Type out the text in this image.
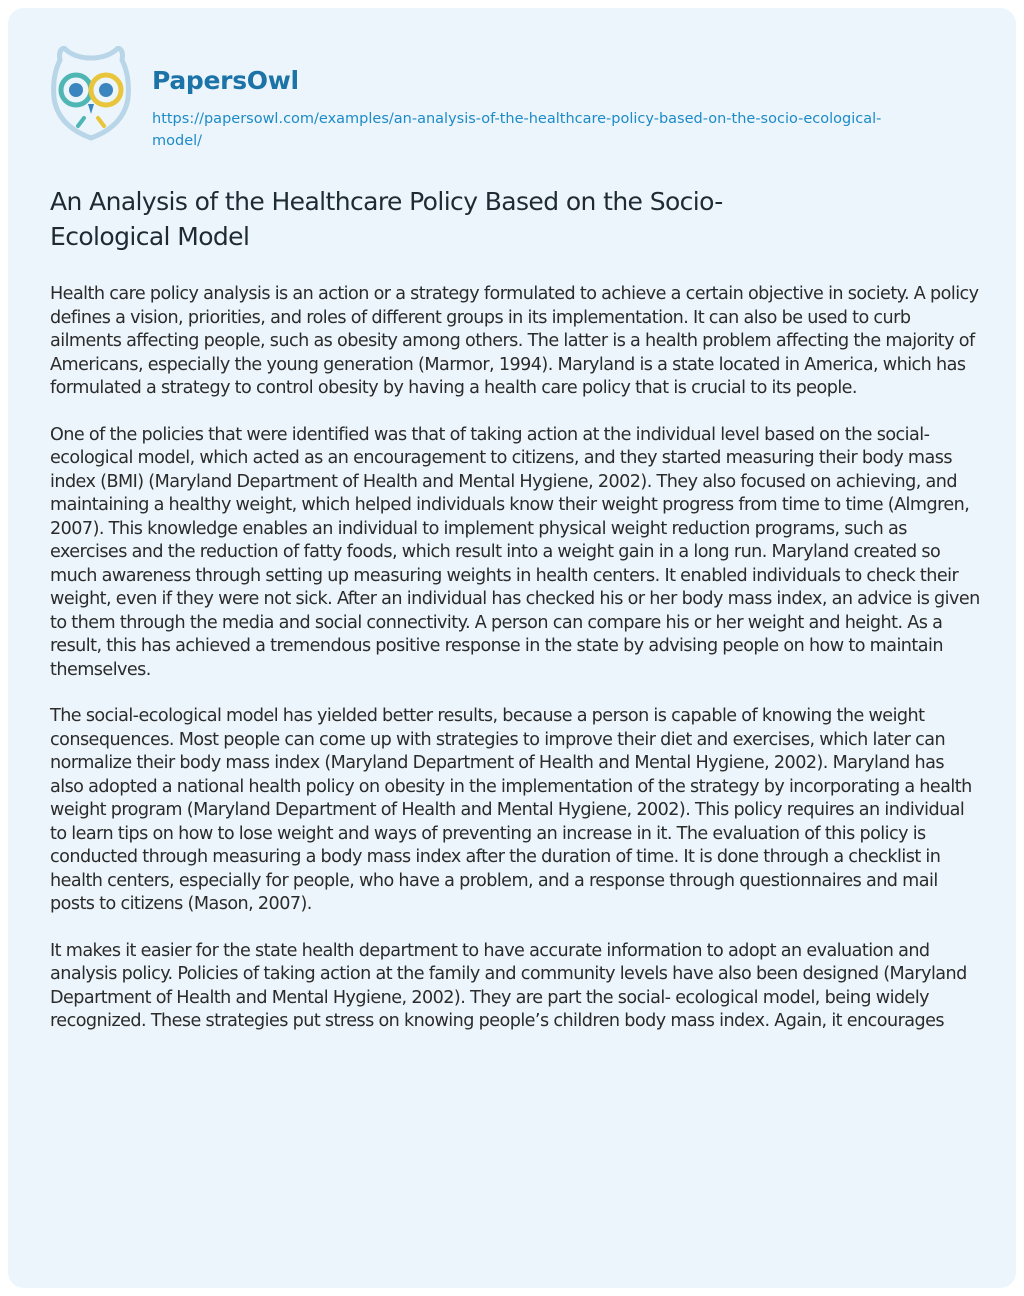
PapersOwl
https://papersowl.com/examples/an-analysis-of-the-healthcare-policy-based-on-the-socio-ecological-model/
An Analysis of the Healthcare Policy Based on the Socio-Ecological Model

Health care policy analysis is an action or a strategy formulated to achieve a certain objective in society. A policy defines a vision, priorities, and roles of different groups in its implementation. It can also be used to curb ailments affecting people, such as obesity among others. The latter is a health problem affecting the majority of Americans, especially the young generation (Marmor, 1994). Maryland is a state located in America, which has formulated a strategy to control obesity by having a health care policy that is crucial to its people.

One of the policies that were identified was that of taking action at the individual level based on the social-ecological model, which acted as an encouragement to citizens, and they started measuring their body mass index (BMI) (Maryland Department of Health and Mental Hygiene, 2002). They also focused on achieving, and maintaining a healthy weight, which helped individuals know their weight progress from time to time (Almgren, 2007). This knowledge enables an individual to implement physical weight reduction programs, such as exercises and the reduction of fatty foods, which result into a weight gain in a long run. Maryland created so much awareness through setting up measuring weights in health centers. It enabled individuals to check their weight, even if they were not sick. After an individual has checked his or her body mass index, an advice is given to them through the media and social connectivity. A person can compare his or her weight and height. As a result, this has achieved a tremendous positive response in the state by advising people on how to maintain themselves.

The social-ecological model has yielded better results, because a person is capable of knowing the weight consequences. Most people can come up with strategies to improve their diet and exercises, which later can normalize their body mass index (Maryland Department of Health and Mental Hygiene, 2002). Maryland has also adopted a national health policy on obesity in the implementation of the strategy by incorporating a health weight program (Maryland Department of Health and Mental Hygiene, 2002). This policy requires an individual to learn tips on how to lose weight and ways of preventing an increase in it. The evaluation of this policy is conducted through measuring a body mass index after the duration of time. It is done through a checklist in health centers, especially for people, who have a problem, and a response through questionnaires and mail posts to citizens (Mason, 2007).

It makes it easier for the state health department to have accurate information to adopt an evaluation and analysis policy. Policies of taking action at the family and community levels have also been designed (Maryland Department of Health and Mental Hygiene, 2002). They are part the social- ecological model, being widely recognized. These strategies put stress on knowing people’s children body mass index. Again, it encourages
